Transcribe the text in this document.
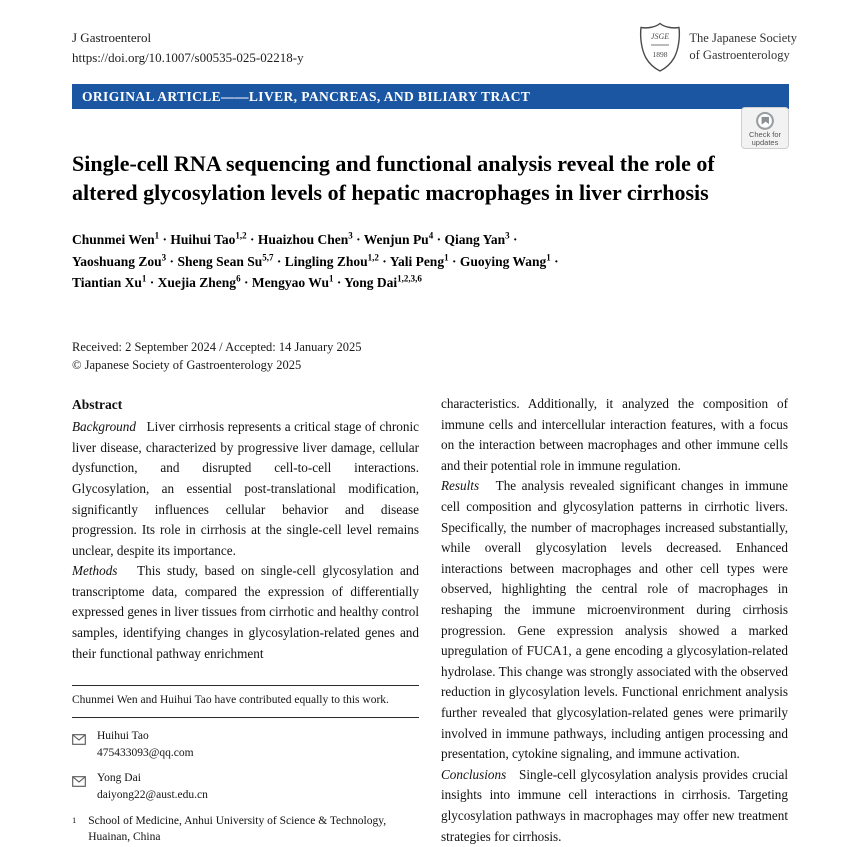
J Gastroenterol
https://doi.org/10.1007/s00535-025-02218-y
JSGE
1898
The Japanese Society
of Gastroenterology
ORIGINAL ARTICLE——LIVER, PANCREAS, AND BILIARY TRACT
Check for
updates
Single-cell RNA sequencing and functional analysis reveal the role of altered glycosylation levels of hepatic macrophages in liver cirrhosis
Chunmei Wen$^1$ · Huihui Tao$^{1,2}$ · Huaizhou Chen$^3$ · Wenjun $Pu^4$ · Qiang Yan$^3$ ·
Yaoshuang Zou$^3$ · Sheng Sean Su$^{5,7}$ · Lingling Zhou$^{1,2}$ · Yali Peng$^1$ · Guoying Wang$^1$ ·
Tiantian $Xu^1$ · Xuejia Zheng$^6$ · Mengyao $Wu^1$ · Yong Dai$^{1,2,3,6}$
Received: 2 September 2024 / Accepted: 14 January 2025
© Japanese Society of Gastroenterology 2025
Abstract

Background Liver cirrhosis represents a critical stage of chronic liver disease, characterized by progressive liver damage, cellular dysfunction, and disrupted cell-to-cell interactions. Glycosylation, an essential post-translational modification, significantly influences cellular behavior and disease progression. Its role in cirrhosis at the single-cell level remains unclear, despite its importance.

Methods This study, based on single-cell glycosylation and transcriptome data, compared the expression of differentially expressed genes in liver tissues from cirrhotic and healthy control samples, identifying changes in glycosylation-related genes and their functional pathway enrichment

Chunmei Wen and Huihui Tao have contributed equally to this work.
Huihui Tao
475433093@qq.com
Yong Dai
daiyong22@aust.edu.cn
1 School of Medicine, Anhui University of Science & Technology, Huainan, China

characteristics. Additionally, it analyzed the composition of immune cells and intercellular interaction features, with a focus on the interaction between macrophages and other immune cells and their potential role in immune regulation.

Results The analysis revealed significant changes in immune cell composition and glycosylation patterns in cirrhotic livers. Specifically, the number of macrophages increased substantially, while overall glycosylation levels decreased. Enhanced interactions between macrophages and other cell types were observed, highlighting the central role of macrophages in reshaping the immune microenvironment during cirrhosis progression. Gene expression analysis showed a marked upregulation of FUCA1, a gene encoding a glycosylation-related hydrolase. This change was strongly associated with the observed reduction in glycosylation levels. Functional enrichment analysis further revealed that glycosylation-related genes were primarily involved in immune pathways, including antigen processing and presentation, cytokine signaling, and immune activation.

Conclusions Single-cell glycosylation analysis provides crucial insights into immune cell interactions in cirrhosis. Targeting glycosylation pathways in macrophages may offer new treatment strategies for cirrhosis.
